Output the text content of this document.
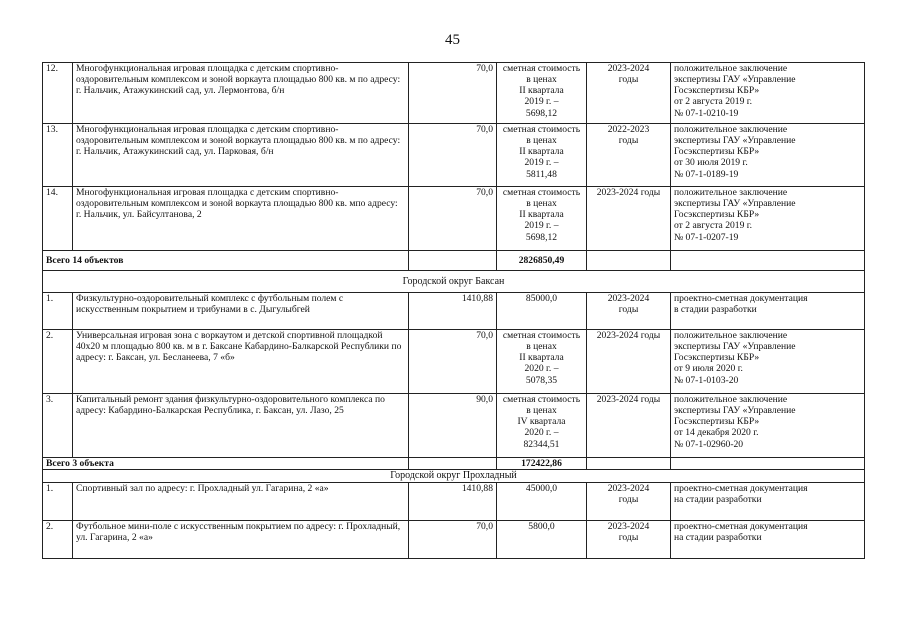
45
12.	Многофункциональная игровая площадка с детским спортивно-оздоровительным комплексом и зоной воркаута площадью 800 кв. м по адресу: г. Нальчик, Атажукинский сад, ул. Лермонтова, б/н	70,0	сметная стоимость
в ценах
II квартала
2019 г. –
5698,12	2023-2024
годы	положительное заключение
экспертизы ГАУ «Управление
Госэкспертизы КБР»
от 2 августа 2019 г.
№ 07-1-0210-19
13.	Многофункциональная игровая площадка с детским спортивно-оздоровительным комплексом и зоной воркаута площадью 800 кв. м по адресу: г. Нальчик, Атажукинский сад, ул. Парковая, б/н	70,0	сметная стоимость
в ценах
II квартала
2019 г. –
5811,48	2022-2023
годы	положительное заключение
экспертизы ГАУ «Управление
Госэкспертизы КБР»
от 30 июля 2019 г.
№ 07-1-0189-19
14.	Многофункциональная игровая площадка с детским спортивно-оздоровительным комплексом и зоной воркаута площадью 800 кв. мпо адресу: г. Нальчик, ул. Байсултанова, 2	70,0	сметная стоимость
в ценах
II квартала
2019 г. –
5698,12	2023-2024 годы	положительное заключение
экспертизы ГАУ «Управление
Госэкспертизы КБР»
от 2 августа 2019 г.
№ 07-1-0207-19
Всего 14 объектов			2826850,49		
Городской округ Баксан					
1.	Физкультурно-оздоровительный комплекс с футбольным полем с искусственным покрытием и трибунами в с. Дыгулыбгей	1410,88	85000,0	2023-2024
годы	проектно-сметная документация
в стадии разработки
2.	Универсальная игровая зона с воркаутом и детской спортивной площадкой 40х20 м площадью 800 кв. м в г. Баксане Кабардино-Балкарской Республики по адресу: г. Баксан, ул. Бесланеева, 7 «б»	70,0	сметная стоимость
в ценах
II квартала
2020 г. –
5078,35	2023-2024 годы	положительное заключение
экспертизы ГАУ «Управление
Госэкспертизы КБР»
от 9 июля 2020 г.
№ 07-1-0103-20
3.	Капитальный ремонт здания физкультурно-оздоровительного комплекса по адресу: Кабардино-Балкарская Республика, г. Баксан, ул. Лазо, 25	90,0	сметная стоимость
в ценах
IV квартала
2020 г. –
82344,51	2023-2024 годы	положительное заключение
экспертизы ГАУ «Управление
Госэкспертизы КБР»
от 14 декабря 2020 г.
№ 07-1-02960-20
Всего 3 объекта			172422,86		
Городской округ Прохладный					
1.	Спортивный зал по адресу: г. Прохладный ул. Гагарина, 2 «а»	1410,88	45000,0	2023-2024
годы	проектно-сметная документация
на стадии разработки
2.	Футбольное мини-поле с искусственным покрытием по адресу: г. Прохладный, ул. Гагарина, 2 «а»	70,0	5800,0	2023-2024
годы	проектно-сметная документация
на стадии разработки
